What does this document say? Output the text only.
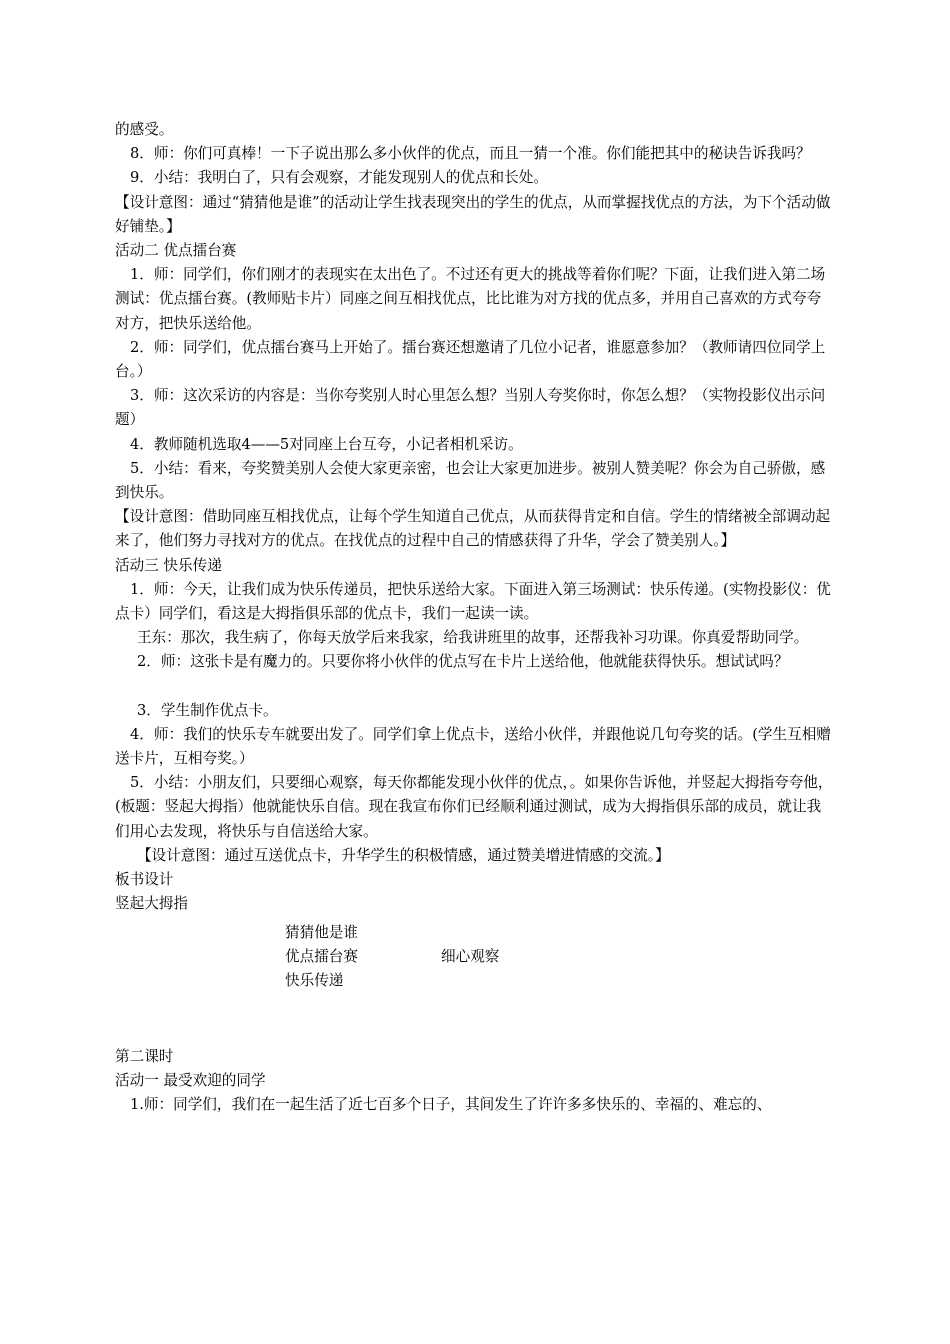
的感受。

8．师：你们可真棒！一下子说出那么多小伙伴的优点，而且一猜一个准。你们能把其中的秘诀告诉我吗？

9．小结：我明白了，只有会观察，才能发现别人的优点和长处。

【设计意图：通过“猜猜他是谁”的活动让学生找表现突出的学生的优点，从而掌握找优点的方法，为下个活动做好铺垫。】

活动二 优点擂台赛

1．师：同学们，你们刚才的表现实在太出色了。不过还有更大的挑战等着你们呢？下面，让我们进入第二场测试：优点擂台赛。(教师贴卡片）同座之间互相找优点，比比谁为对方找的优点多，并用自己喜欢的方式夸夸对方，把快乐送给他。

2．师：同学们，优点擂台赛马上开始了。擂台赛还想邀请了几位小记者，谁愿意参加？（教师请四位同学上台。）

3．师：这次采访的内容是：当你夸奖别人时心里怎么想？当别人夸奖你时，你怎么想？（实物投影仪出示问题）

4．教师随机选取4——5对同座上台互夸，小记者相机采访。

5．小结：看来，夸奖赞美别人会使大家更亲密，也会让大家更加进步。被别人赞美呢？你会为自己骄傲，感到快乐。

【设计意图：借助同座互相找优点，让每个学生知道自己优点，从而获得肯定和自信。学生的情绪被全部调动起来了，他们努力寻找对方的优点。在找优点的过程中自己的情感获得了升华，学会了赞美别人。】

活动三 快乐传递

1．师：今天，让我们成为快乐传递员，把快乐送给大家。下面进入第三场测试：快乐传递。(实物投影仪：优点卡）同学们，看这是大拇指俱乐部的优点卡，我们一起读一读。

王东：那次，我生病了，你每天放学后来我家，给我讲班里的故事，还帮我补习功课。你真爱帮助同学。

2．师：这张卡是有魔力的。只要你将小伙伴的优点写在卡片上送给他，他就能获得快乐。想试试吗？

3．学生制作优点卡。

4．师：我们的快乐专车就要出发了。同学们拿上优点卡，送给小伙伴，并跟他说几句夸奖的话。(学生互相赠送卡片，互相夸奖。）

5．小结：小朋友们，只要细心观察，每天你都能发现小伙伴的优点，。如果你告诉他，并竖起大拇指夸夸他，(板题：竖起大拇指）他就能快乐自信。现在我宣布你们已经顺利通过测试，成为大拇指俱乐部的成员，就让我们用心去发现，将快乐与自信送给大家。

【设计意图：通过互送优点卡，升华学生的积极情感，通过赞美增进情感的交流。】

板书设计

竖起大拇指

猜猜他是谁
优点擂台赛	细心观察
快乐传递

第二课时

活动一 最受欢迎的同学

1.师：同学们，我们在一起生活了近七百多个日子，其间发生了许许多多快乐的、幸福的、难忘的、
